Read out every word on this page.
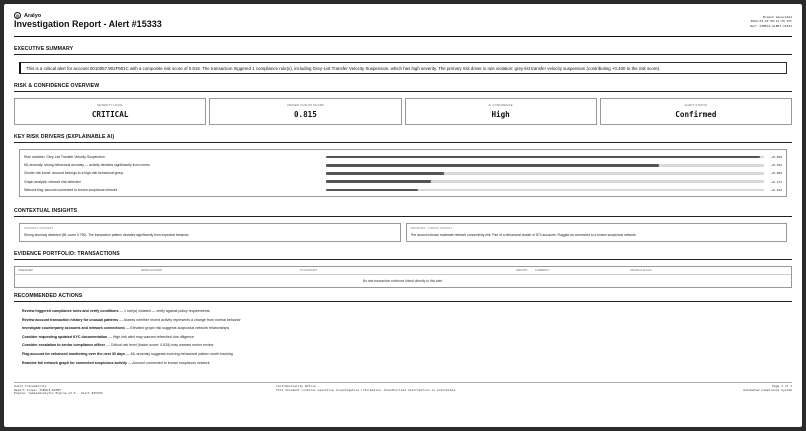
◎ Aralyo
Investigation Report - Alert #15333
Breach Generated
2024-03-22 09:11:39 UTC
Ref: CAMELS-ALERT-15333
EXECUTIVE SUMMARY
This is a critical alert for account 0010057.902F901C with a composite risk score of 0.815. The transaction triggered 1 compliance rule(s), including Grey-List Transfer Velocity Suspension, which has high severity. The primary risk driver is rule violation: grey-list transfer velocity suspension (contributing +0.400 to the risk score).
RISK & CONFIDENCE OVERVIEW
SEVERITY LEVEL
CRITICAL
UNIFIED FUSION SCORE
0.815
AI CONFIDENCE
High
ALERT STATUS
Confirmed
KEY RISK DRIVERS (EXPLAINABLE AI)
Rule violation: Grey-List Transfer Velocity Suspension	+0.400
ML anomaly: strong behavioral anomaly — activity deviates significantly from norms	+0.352
Cluster risk boost: account belongs to a high-risk behavioral group	+0.209
Graph analysis: network risk detected	+0.171
Network flag: account connected to known suspicious network	+0.153
CONTEXTUAL INSIGHTS
ANOMALY CONTEXT
Strong anomaly detected (ML score 0.750). The transaction pattern deviates significantly from expected behavior.
NETWORK / GRAPH INSIGHT
The account shows moderate network connectivity risk. Part of a behavioral cluster of 874 accounts. Flagged as connected to a known suspicious network.
EVIDENCE PORTFOLIO: TRANSACTIONS
TIMESTAMP	FROM ACCOUNT	TO ACCOUNT	AMOUNT	CURRENCY	UNUSUAL FLAGS
No raw transaction evidence linked directly to this alert.
RECOMMENDED ACTIONS
Review triggered compliance rules and verify conditions — 1 rule(s) violated — verify against policy requirements
Review account transaction history for unusual patterns — Assess whether recent activity represents a change from normal behavior
Investigate counterparty accounts and network connections — Elevated graph risk suggests suspicious network relationships
Consider requesting updated KYC documentation — High risk alert may warrant refreshed due diligence
Consider escalation to senior compliance officer — Critical risk level (fusion score: 0.815) may warrant senior review
Flag account for enhanced monitoring over the next 30 days — ML anomaly suggests evolving behavioral pattern worth tracking
Examine full network graph for connected suspicious activity — Account connected to known suspicious network
Audit Traceability
Report Scope: ICBOC3_DGTBT
Engine: CamelsAnalytix Engine v2.0 - Alert #15333
Confidentiality Notice
This document contains sensitive investigative information. Unauthorized distribution is prohibited.
Page 1 of 1
Automated Compliance System
